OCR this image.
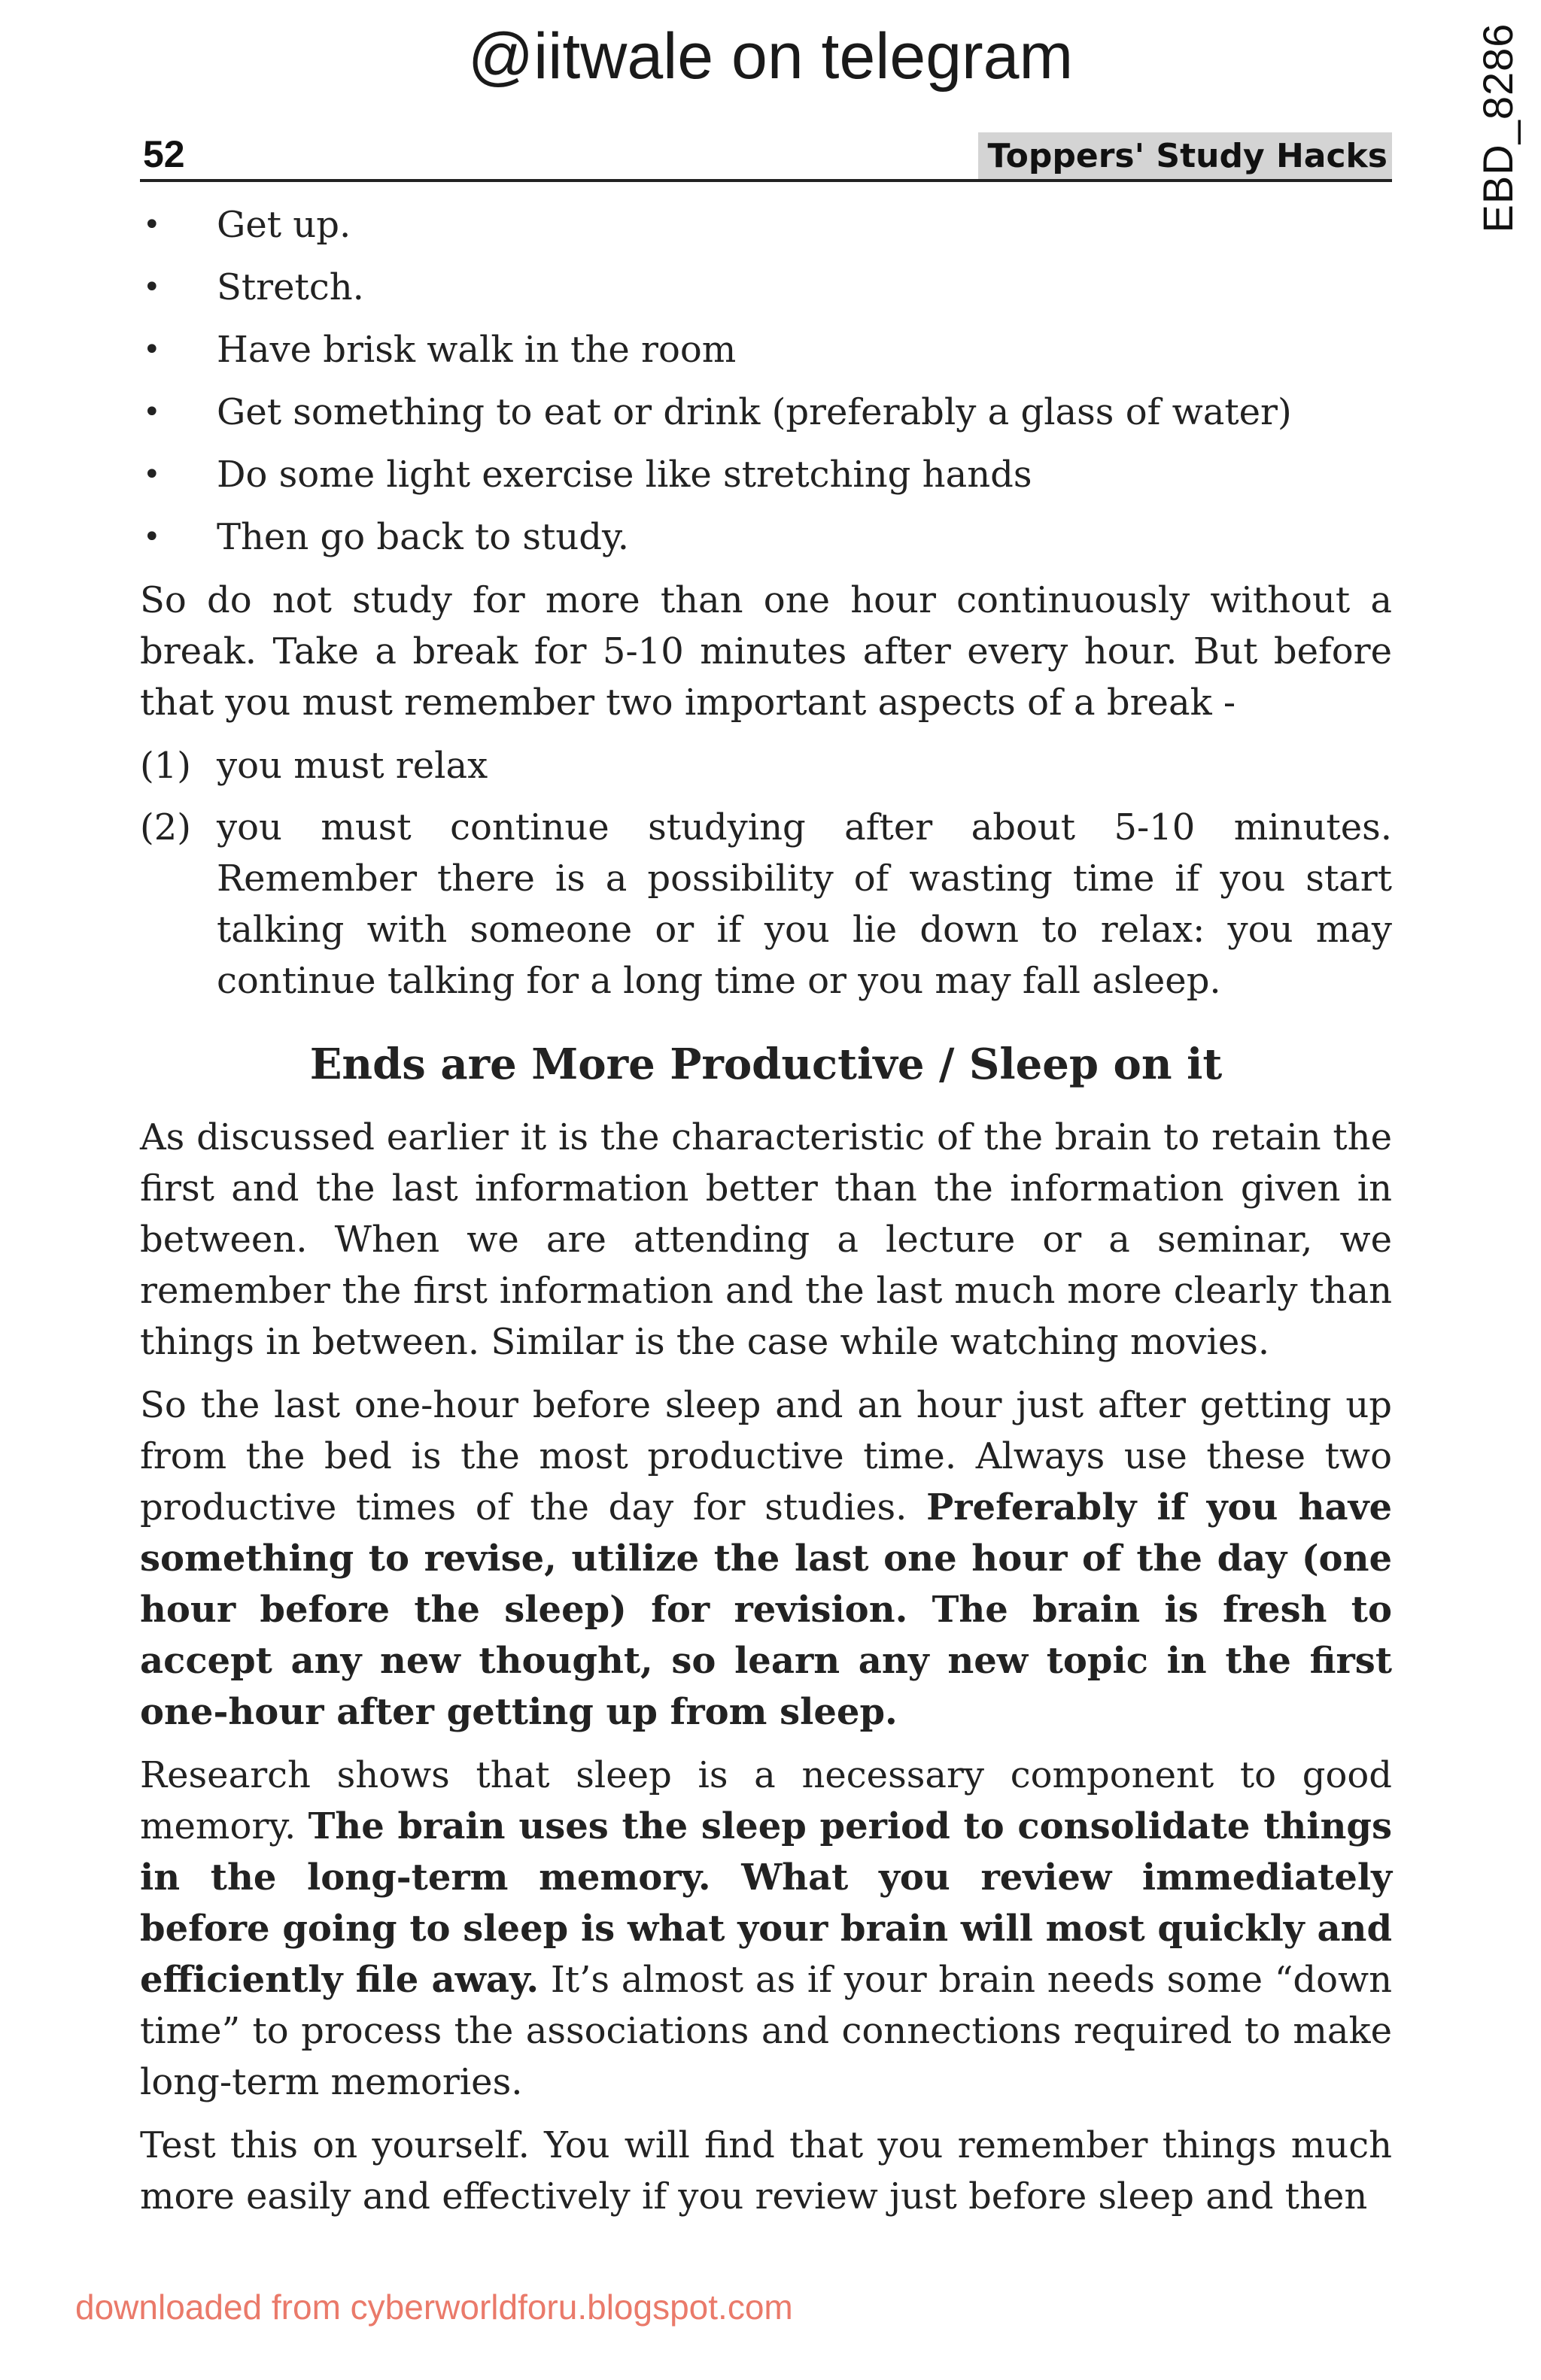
@iitwale on telegram	EBD_8286
52	Toppers' Study Hacks
• Get up.
• Stretch.
• Have brisk walk in the room
• Get something to eat or drink (preferably a glass of water)
• Do some light exercise like stretching hands
• Then go back to study.

So do not study for more than one hour continuously without a break. Take a break for 5-10 minutes after every hour. But before that you must remember two important aspects of a break -

(1) you must relax
(2) you must continue studying after about 5-10 minutes. Remember there is a possibility of wasting time if you start talking with someone or if you lie down to relax: you may continue talking for a long time or you may fall asleep.
Ends are More Productive / Sleep on it

As discussed earlier it is the characteristic of the brain to retain the first and the last information better than the information given in between. When we are attending a lecture or a seminar, we remember the first information and the last much more clearly than things in between. Similar is the case while watching movies.

So the last one-hour before sleep and an hour just after getting up from the bed is the most productive time. Always use these two productive times of the day for studies. Preferably if you have something to revise, utilize the last one hour of the day (one hour before the sleep) for revision. The brain is fresh to accept any new thought, so learn any new topic in the first one-hour after getting up from sleep.

Research shows that sleep is a necessary component to good memory. The brain uses the sleep period to consolidate things in the long-term memory. What you review immediately before going to sleep is what your brain will most quickly and efficiently file away. It’s almost as if your brain needs some “down time” to process the associations and connections required to make long-term memories.

Test this on yourself. You will find that you remember things much more easily and effectively if you review just before sleep and then

downloaded from cyberworldforu.blogspot.com
